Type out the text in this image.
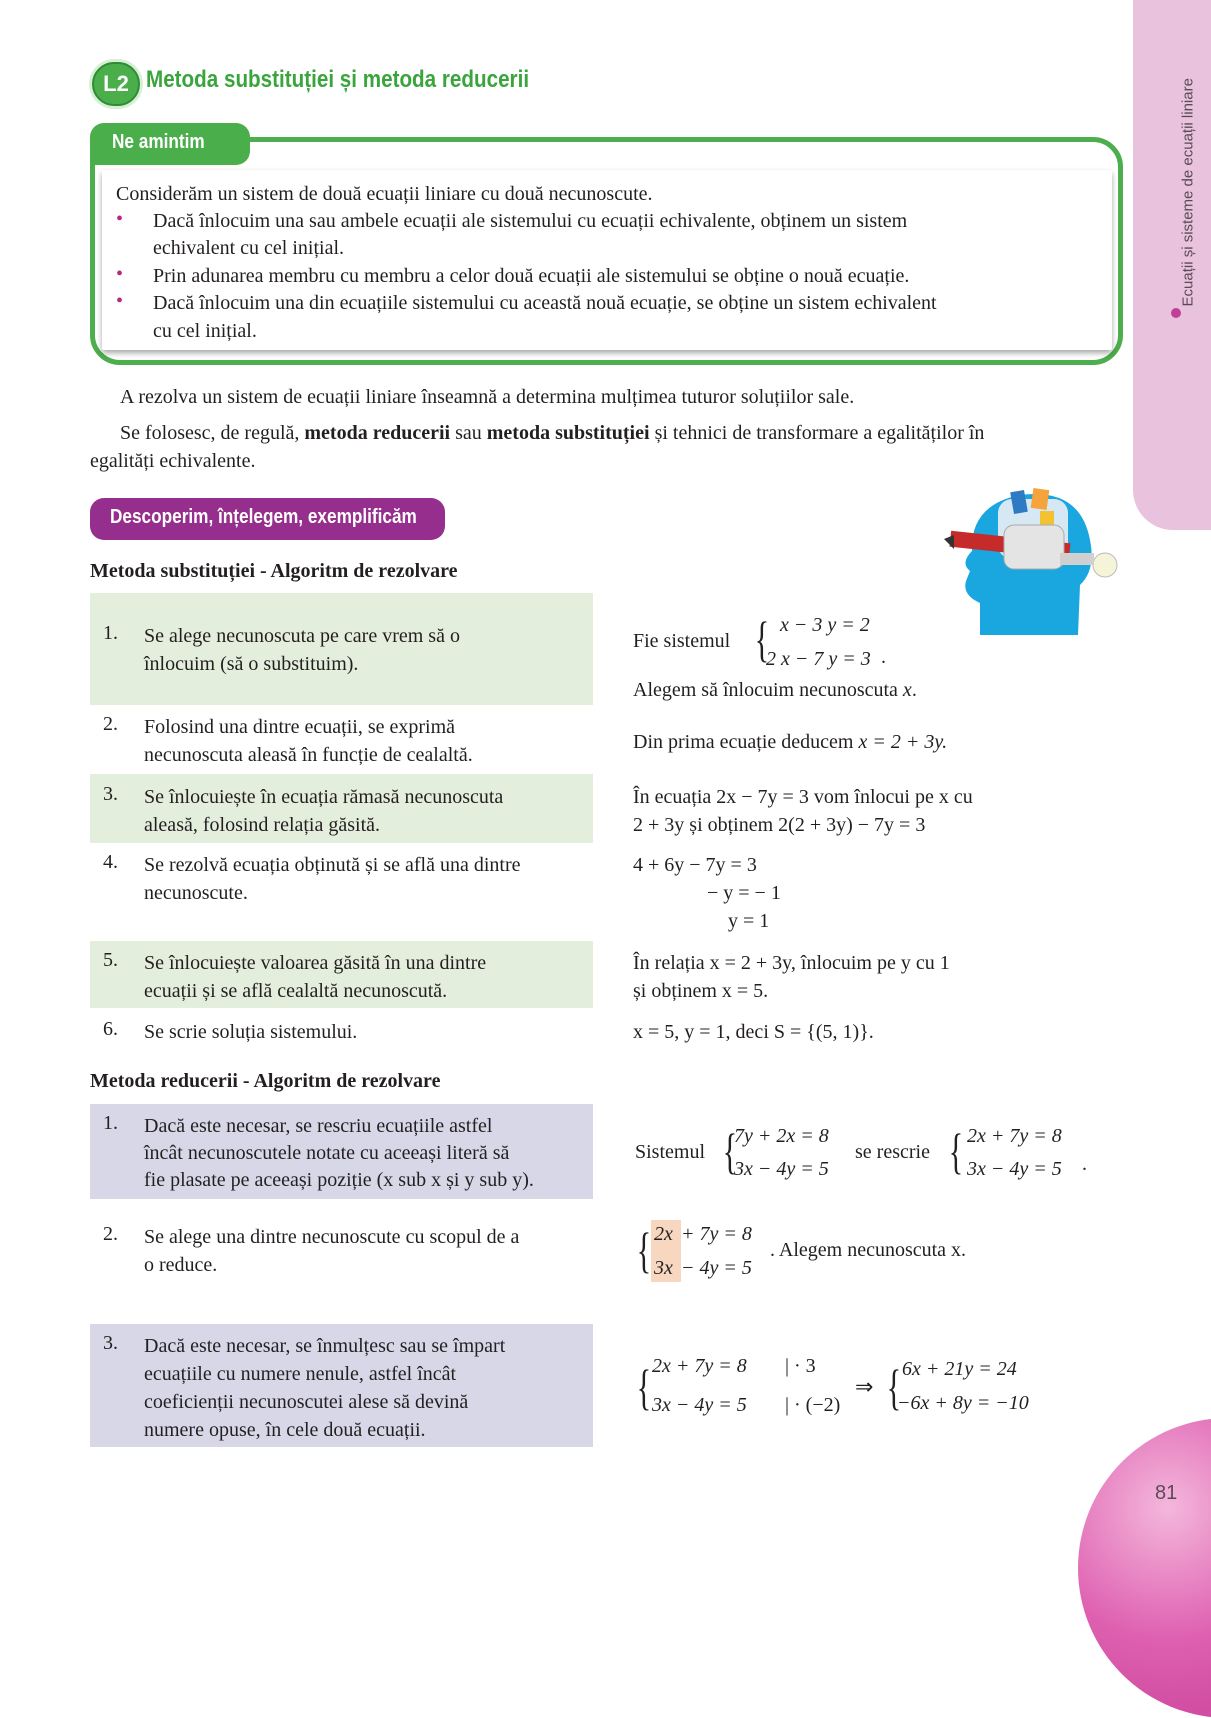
Ecuații și sisteme de ecuații liniare
81
L2 Metoda substituției și metoda reducerii
Ne amintim
Considerăm un sistem de două ecuații liniare cu două necunoscute.
• Dacă înlocuim una sau ambele ecuații ale sistemului cu ecuații echivalente, obținem un sistem
echivalent cu cel inițial.
• Prin adunarea membru cu membru a celor două ecuații ale sistemului se obține o nouă ecuație.
• Dacă înlocuim una din ecuațiile sistemului cu această nouă ecuație, se obține un sistem echivalent
cu cel inițial.
A rezolva un sistem de ecuații liniare înseamnă a determina mulțimea tuturor soluțiilor sale.
Se folosesc, de regulă, metoda reducerii sau metoda substituției și tehnici de transformare a egalităților în
egalități echivalente.
Descoperim, înțelegem, exemplificăm
Metoda substituției - Algoritm de rezolvare
1. Se alege necunoscuta pe care vrem să o
înlocuim (să o substituim).
2. Folosind una dintre ecuații, se exprimă
necunoscuta aleasă în funcție de cealaltă.
3. Se înlocuiește în ecuația rămasă necunoscuta
aleasă, folosind relația găsită.
4. Se rezolvă ecuația obținută și se află una dintre
necunoscute.
5. Se înlocuiește valoarea găsită în una dintre
ecuații și se află cealaltă necunoscută.
6. Se scrie soluția sistemului.
Fie sistemul { x − 3 y = 2
2 x − 7 y = 3 .
Alegem să înlocuim necunoscuta x.
Din prima ecuație deducem x = 2 + 3y.
În ecuația 2x − 7y = 3 vom înlocui pe x cu
2 + 3y și obținem 2(2 + 3y) − 7y = 3
4 + 6y − 7y = 3
− y = − 1
y = 1
În relația x = 2 + 3y, înlocuim pe y cu 1
și obținem x = 5.
x = 5, y = 1, deci S = {(5, 1)}.
Metoda reducerii - Algoritm de rezolvare
1. Dacă este necesar, se rescriu ecuațiile astfel
încât necunoscutele notate cu aceeași literă să
fie plasate pe aceeași poziție (x sub x și y sub y).
2. Se alege una dintre necunoscute cu scopul de a
o reduce.
3. Dacă este necesar, se înmulțesc sau se împart
ecuațiile cu numere nenule, astfel încât
coeficienții necunoscutei alese să devină
numere opuse, în cele două ecuații.
Sistemul {
7y + 2x = 8
3x − 4y = 5
se rescrie { 2x + 7y = 8
3x − 4y = 5 .
{ 2x + 7y = 8
3x − 4y = 5
. Alegem necunoscuta x.
{ 2x + 7y = 8 | · 3
3x − 4y = 5 | · (−2)
⇒ { 6x + 21y = 24
−6x + 8y = −10
